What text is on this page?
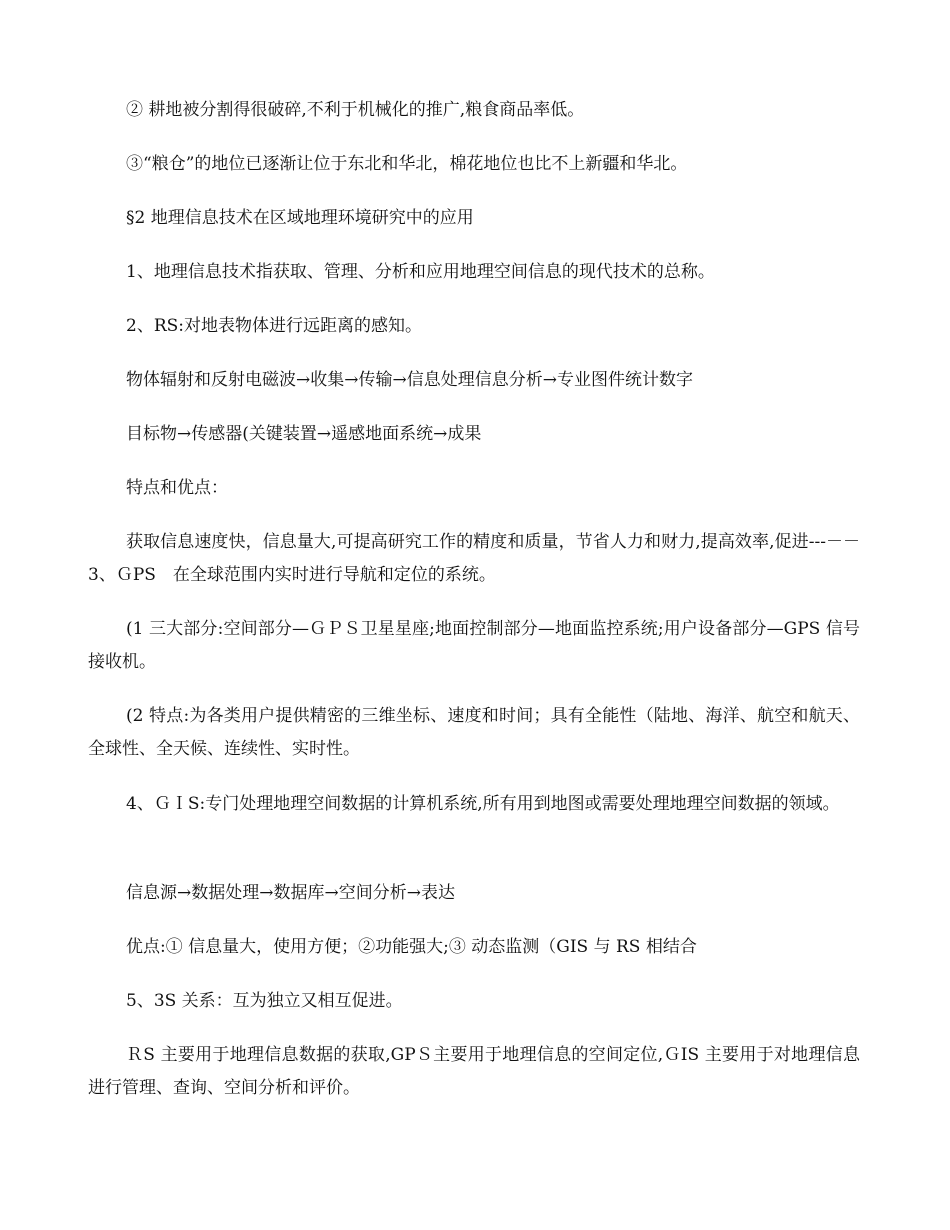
② 耕地被分割得很破碎,不利于机械化的推广,粮食商品率低。

③“粮仓”的地位已逐渐让位于东北和华北，棉花地位也比不上新疆和华北。

§2 地理信息技术在区域地理环境研究中的应用

1、地理信息技术指获取、管理、分析和应用地理空间信息的现代技术的总称。

2、RS:对地表物体进行远距离的感知。

物体辐射和反射电磁波→收集→传输→信息处理信息分析→专业图件统计数字

目标物→传感器(关键装置→遥感地面系统→成果

特点和优点：

获取信息速度快，信息量大,可提高研究工作的精度和质量，节省人力和财力,提高效率,促进---－－ 3、ＧPS　在全球范围内实时进行导航和定位的系统。

(1 三大部分:空间部分—ＧＰＳ卫星星座;地面控制部分—地面监控系统;用户设备部分—GPS 信号接收机。

(2 特点:为各类用户提供精密的三维坐标、速度和时间；具有全能性（陆地、海洋、航空和航天、全球性、全天候、连续性、实时性。

4、ＧＩS:专门处理地理空间数据的计算机系统,所有用到地图或需要处理地理空间数据的领域。

信息源→数据处理→数据库→空间分析→表达

优点:① 信息量大，使用方便；②功能强大;③ 动态监测（GIS 与 RS 相结合

5、3S 关系：互为独立又相互促进。

ＲS 主要用于地理信息数据的获取,GPＳ主要用于地理信息的空间定位,ＧIS 主要用于对地理信息进行管理、查询、空间分析和评价。
